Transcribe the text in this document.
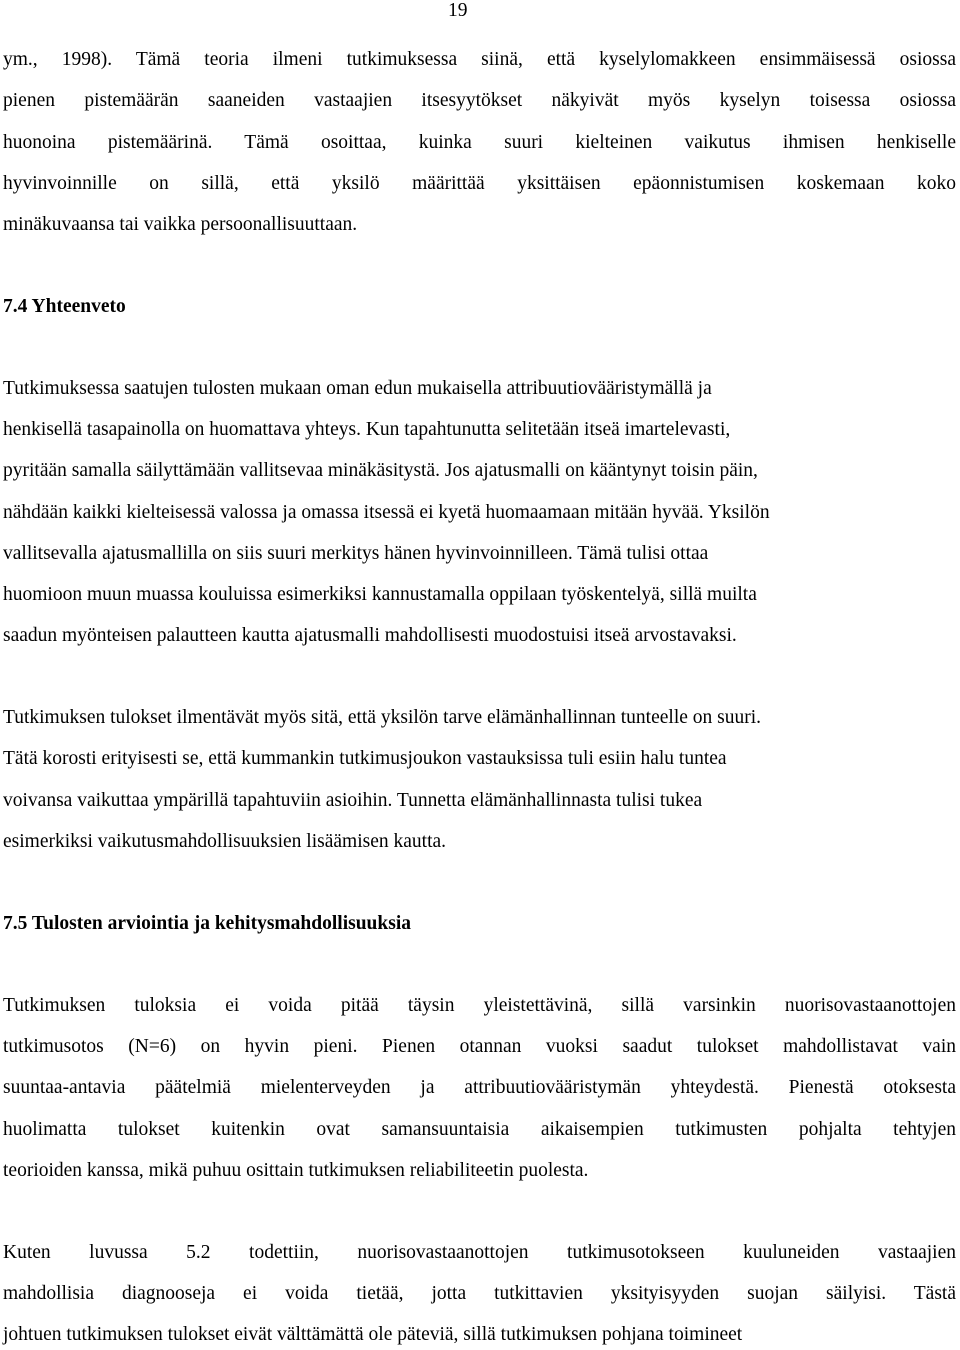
19
ym., 1998). Tämä teoria ilmeni tutkimuksessa siinä, että kyselylomakkeen ensimmäisessä osiossa
pienen pistemäärän saaneiden vastaajien itsesyytökset näkyivät myös kyselyn toisessa osiossa
huonoina pistemäärinä. Tämä osoittaa, kuinka suuri kielteinen vaikutus ihmisen henkiselle
hyvinvoinnille on sillä, että yksilö määrittää yksittäisen epäonnistumisen koskemaan koko
minäkuvaansa tai vaikka persoonallisuuttaan.
7.4 Yhteenveto
Tutkimuksessa saatujen tulosten mukaan oman edun mukaisella attribuutiovääristymällä ja
henkisellä tasapainolla on huomattava yhteys. Kun tapahtunutta selitetään itseä imartelevasti,
pyritään samalla säilyttämään vallitsevaa minäkäsitystä. Jos ajatusmalli on kääntynyt toisin päin,
nähdään kaikki kielteisessä valossa ja omassa itsessä ei kyetä huomaamaan mitään hyvää. Yksilön
vallitsevalla ajatusmallilla on siis suuri merkitys hänen hyvinvoinnilleen. Tämä tulisi ottaa
huomioon muun muassa kouluissa esimerkiksi kannustamalla oppilaan työskentelyä, sillä muilta
saadun myönteisen palautteen kautta ajatusmalli mahdollisesti muodostuisi itseä arvostavaksi.
Tutkimuksen tulokset ilmentävät myös sitä, että yksilön tarve elämänhallinnan tunteelle on suuri.
Tätä korosti erityisesti se, että kummankin tutkimusjoukon vastauksissa tuli esiin halu tuntea
voivansa vaikuttaa ympärillä tapahtuviin asioihin. Tunnetta elämänhallinnasta tulisi tukea
esimerkiksi vaikutusmahdollisuuksien lisäämisen kautta.
7.5 Tulosten arviointia ja kehitysmahdollisuuksia
Tutkimuksen tuloksia ei voida pitää täysin yleistettävinä, sillä varsinkin nuorisovastaanottojen
tutkimusotos (N=6) on hyvin pieni. Pienen otannan vuoksi saadut tulokset mahdollistavat vain
suuntaa-antavia päätelmiä mielenterveyden ja attribuutiovääristymän yhteydestä. Pienestä otoksesta
huolimatta tulokset kuitenkin ovat samansuuntaisia aikaisempien tutkimusten pohjalta tehtyjen
teorioiden kanssa, mikä puhuu osittain tutkimuksen reliabiliteetin puolesta.
Kuten luvussa 5.2 todettiin, nuorisovastaanottojen tutkimusotokseen kuuluneiden vastaajien
mahdollisia diagnooseja ei voida tietää, jotta tutkittavien yksityisyyden suojan säilyisi. Tästä
johtuen tutkimuksen tulokset eivät välttämättä ole päteviä, sillä tutkimuksen pohjana toimineet
